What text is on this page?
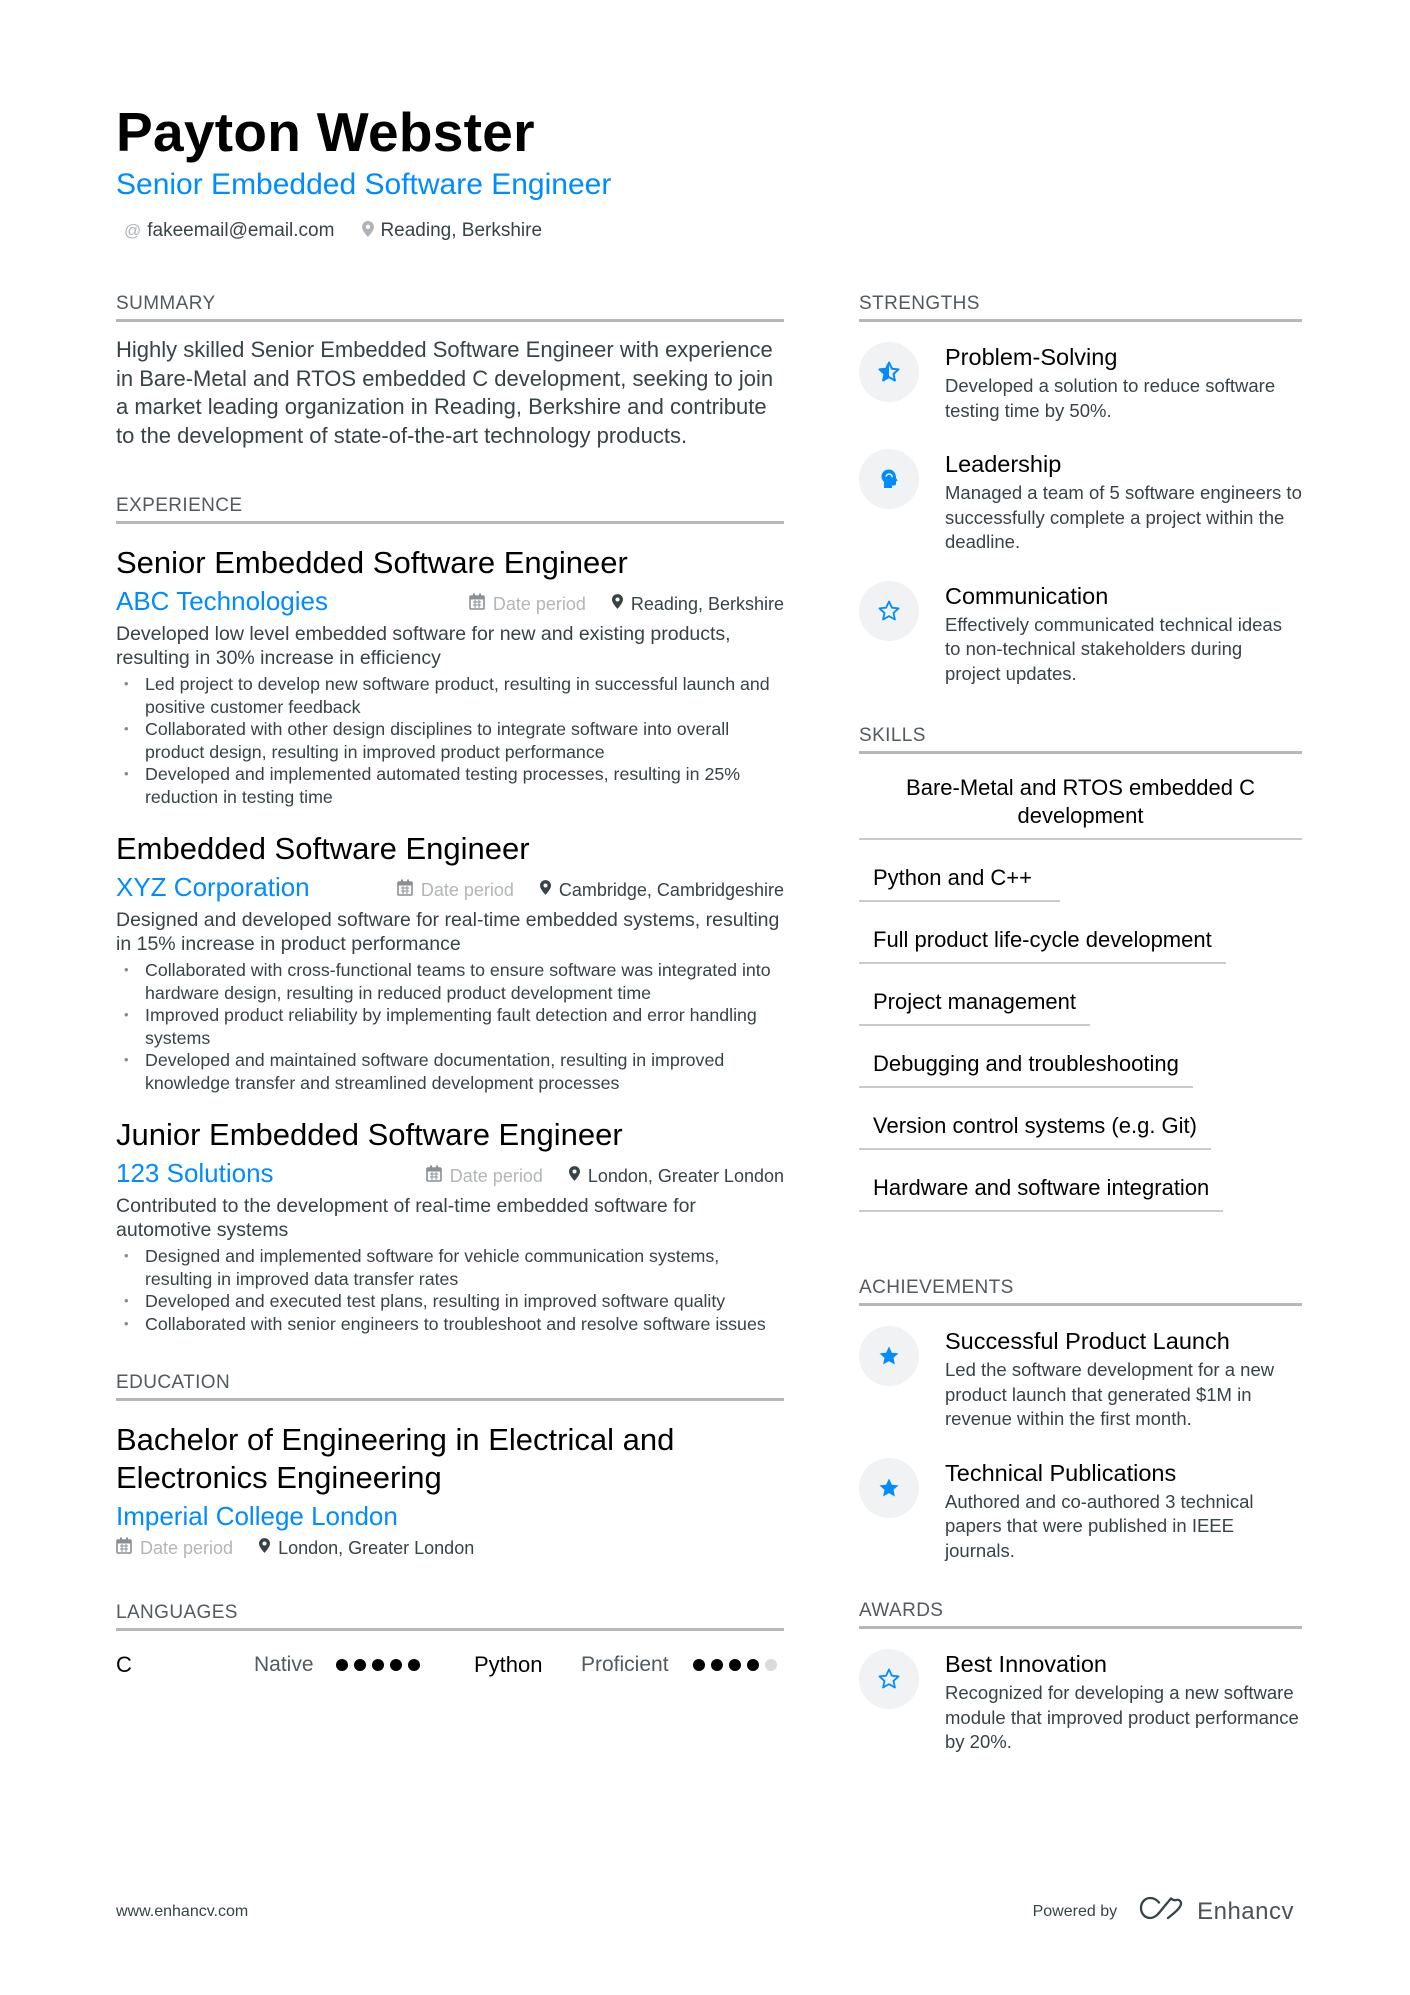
Payton Webster
Senior Embedded Software Engineer
@ fakeemail@email.com Reading, Berkshire
SUMMARY
Highly skilled Senior Embedded Software Engineer with experience in Bare-Metal and RTOS embedded C development, seeking to join a market leading organization in Reading, Berkshire and contribute to the development of state-of-the-art technology products.
EXPERIENCE
Senior Embedded Software Engineer
ABC Technologies	Date period	Reading, Berkshire
Developed low level embedded software for new and existing products, resulting in 30% increase in efficiency
• Led project to develop new software product, resulting in successful launch and positive customer feedback
• Collaborated with other design disciplines to integrate software into overall product design, resulting in improved product performance
• Developed and implemented automated testing processes, resulting in 25% reduction in testing time
Embedded Software Engineer
XYZ Corporation	Date period	Cambridge, Cambridgeshire
Designed and developed software for real-time embedded systems, resulting in 15% increase in product performance
• Collaborated with cross-functional teams to ensure software was integrated into hardware design, resulting in reduced product development time
• Improved product reliability by implementing fault detection and error handling systems
• Developed and maintained software documentation, resulting in improved knowledge transfer and streamlined development processes
Junior Embedded Software Engineer
123 Solutions	Date period	London, Greater London
Contributed to the development of real-time embedded software for automotive systems
• Designed and implemented software for vehicle communication systems, resulting in improved data transfer rates
• Developed and executed test plans, resulting in improved software quality
• Collaborated with senior engineers to troubleshoot and resolve software issues
EDUCATION
Bachelor of Engineering in Electrical and Electronics Engineering
Imperial College London
Date period	London, Greater London
LANGUAGES
C	Native	Python	Proficient
STRENGTHS
Problem-Solving
Developed a solution to reduce software testing time by 50%.
Leadership
Managed a team of 5 software engineers to successfully complete a project within the deadline.
Communication
Effectively communicated technical ideas to non-technical stakeholders during project updates.
SKILLS
Bare-Metal and RTOS embedded C development
Python and C++
Full product life-cycle development
Project management
Debugging and troubleshooting
Version control systems (e.g. Git)
Hardware and software integration
ACHIEVEMENTS
Successful Product Launch
Led the software development for a new product launch that generated $1M in revenue within the first month.
Technical Publications
Authored and co-authored 3 technical papers that were published in IEEE journals.
AWARDS
Best Innovation
Recognized for developing a new software module that improved product performance by 20%.
www.enhancv.com	Powered by	Enhancv
